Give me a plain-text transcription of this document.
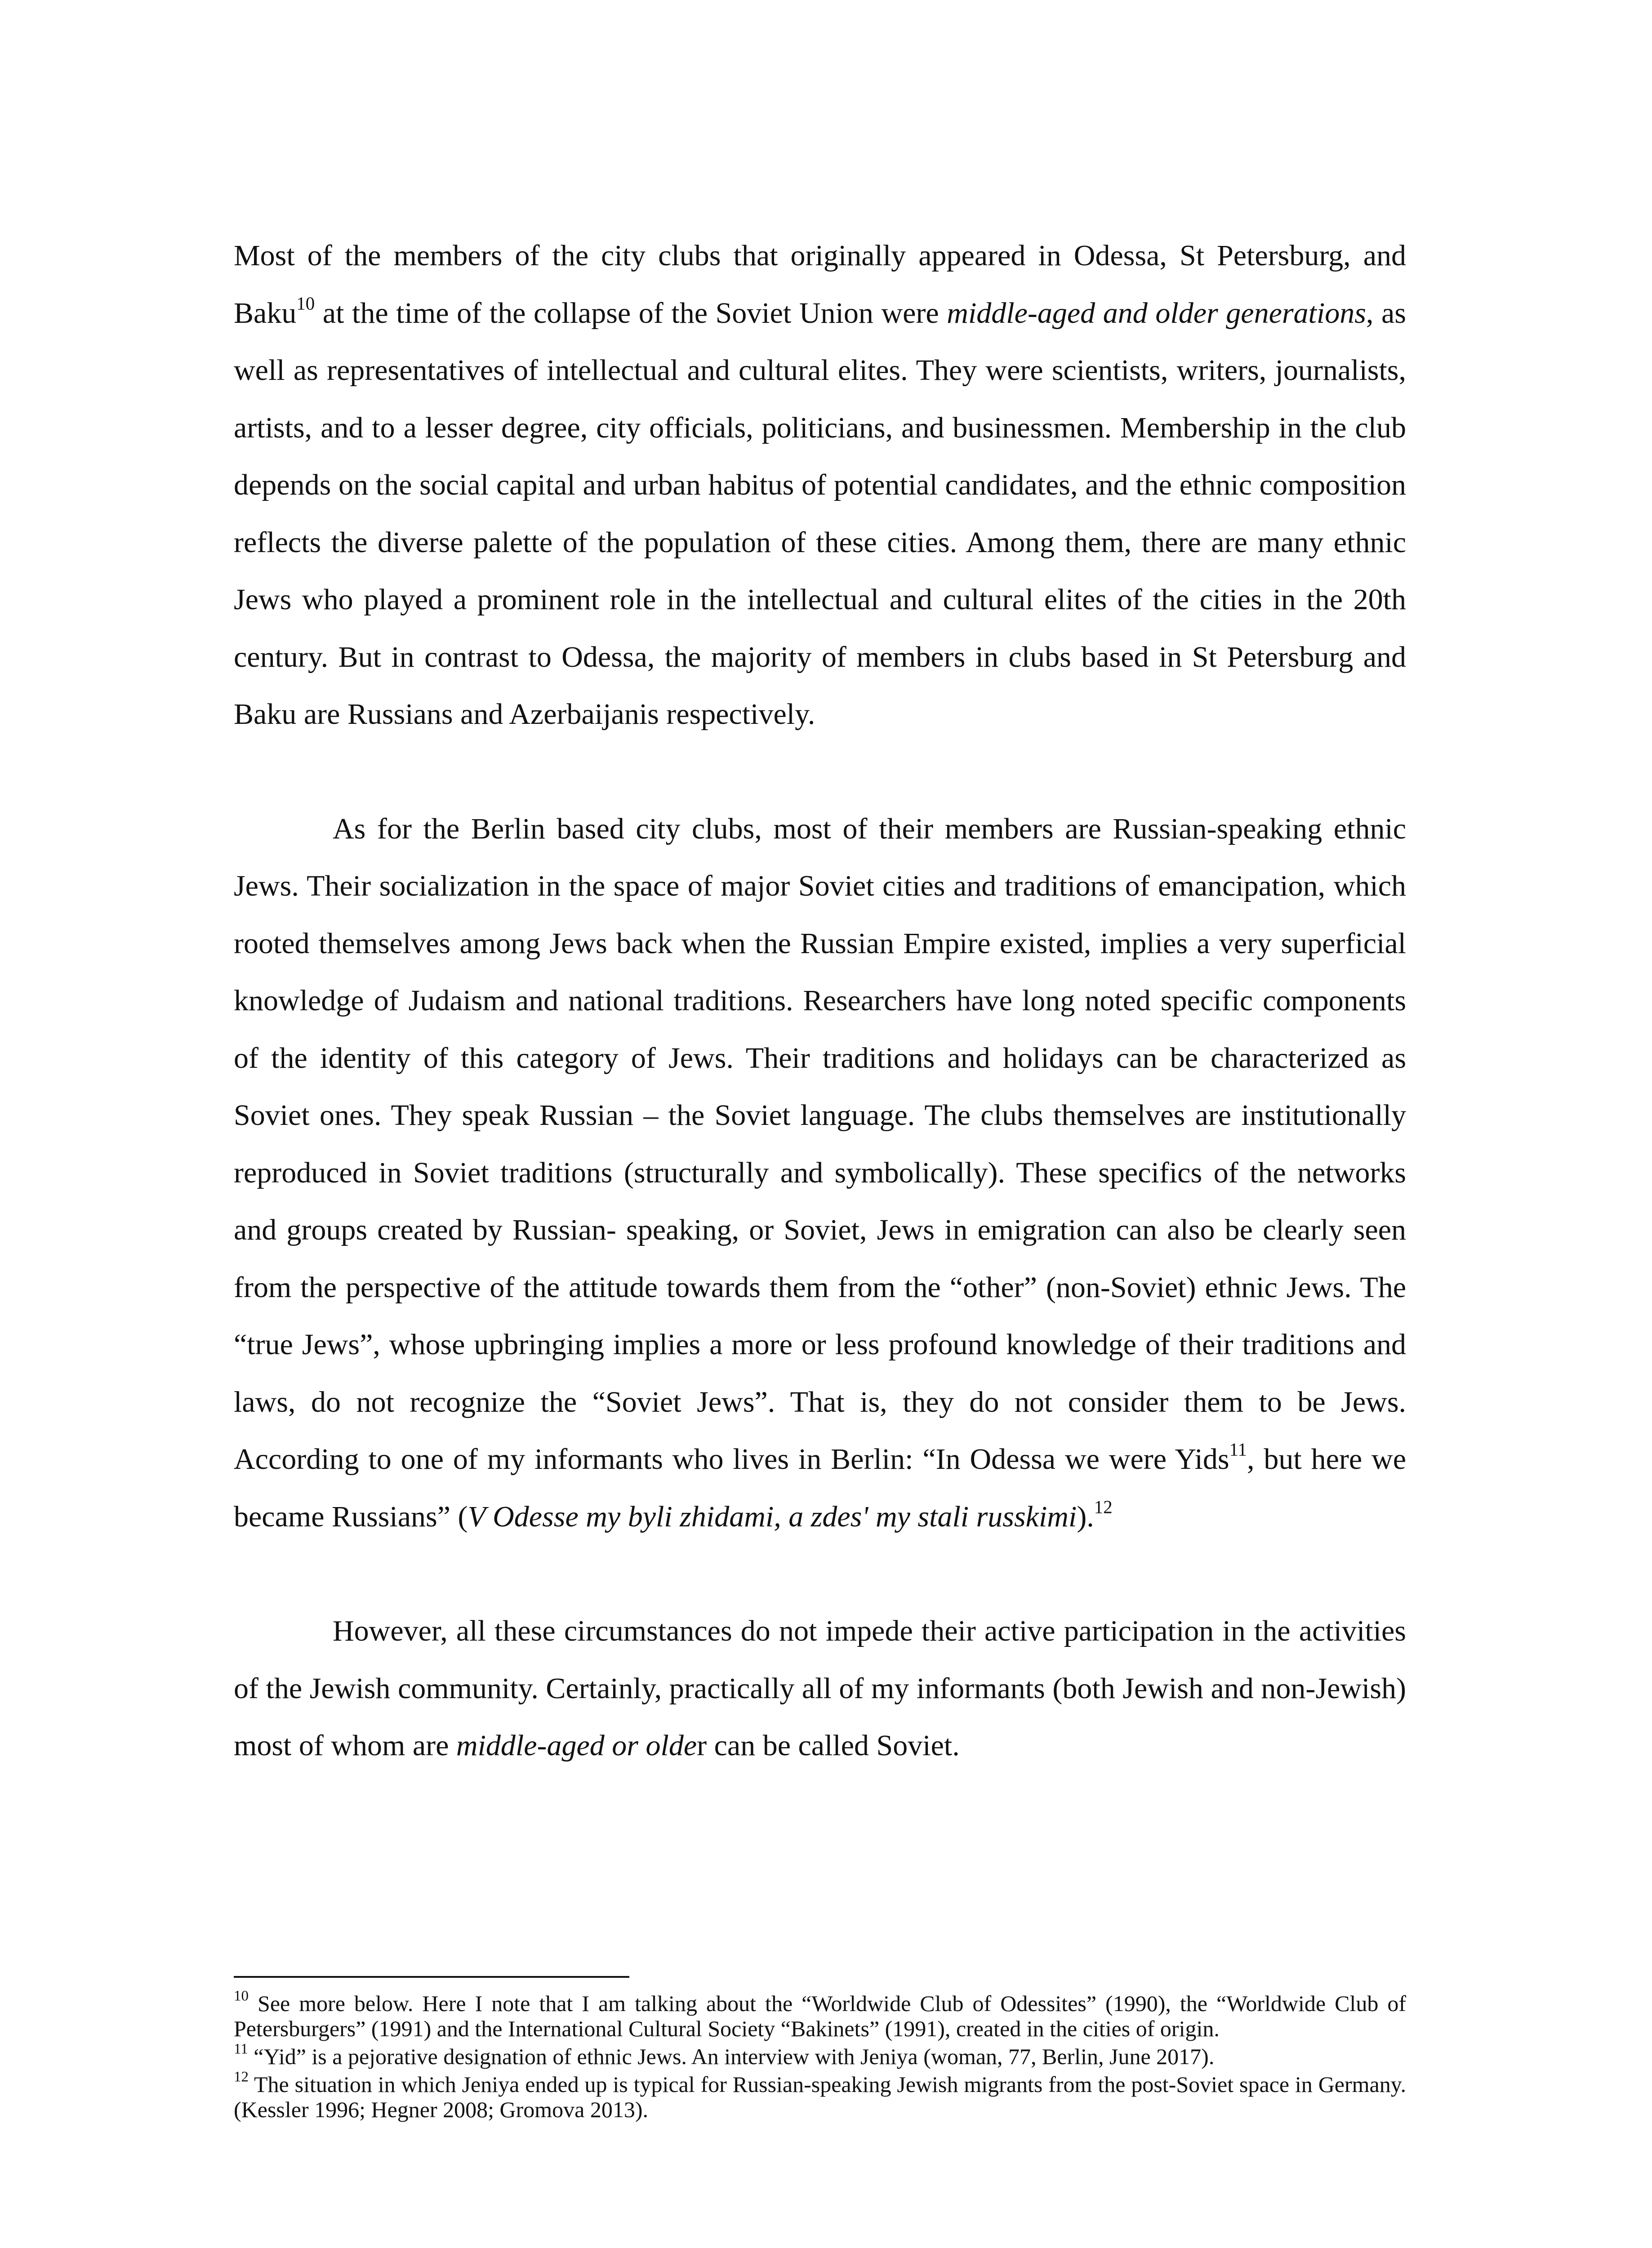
Most of the members of the city clubs that originally appeared in Odessa, St Petersburg, and Baku$^{10}$ at the time of the collapse of the Soviet Union were middle-aged and older generations, as well as representatives of intellectual and cultural elites. They were scientists, writers, journalists, artists, and to a lesser degree, city officials, politicians, and businessmen. Membership in the club depends on the social capital and urban habitus of potential candidates, and the ethnic composition reflects the diverse palette of the population of these cities. Among them, there are many ethnic Jews who played a prominent role in the intellectual and cultural elites of the cities in the 20th century. But in contrast to Odessa, the majority of members in clubs based in St Petersburg and Baku are Russians and Azerbaijanis respectively.

As for the Berlin based city clubs, most of their members are Russian-speaking ethnic Jews. Their socialization in the space of major Soviet cities and traditions of emancipation, which rooted themselves among Jews back when the Russian Empire existed, implies a very superficial knowledge of Judaism and national traditions. Researchers have long noted specific components of the identity of this category of Jews. Their traditions and holidays can be characterized as Soviet ones. They speak Russian – the Soviet language. The clubs themselves are institutionally reproduced in Soviet traditions (structurally and symbolically). These specifics of the networks and groups created by Russian- speaking, or Soviet, Jews in emigration can also be clearly seen from the perspective of the attitude towards them from the “other” (non-Soviet) ethnic Jews. The “true Jews”, whose upbringing implies a more or less profound knowledge of their traditions and laws, do not recognize the “Soviet Jews”. That is, they do not consider them to be Jews. According to one of my informants who lives in Berlin: “In Odessa we were Yids$^{11}$, but here we became Russians” (V Odesse my byli zhidami, a zdes' my stali russkimi).$^{12}$

However, all these circumstances do not impede their active participation in the activities of the Jewish community. Certainly, practically all of my informants (both Jewish and non-Jewish) most of whom are middle-aged or older can be called Soviet.

$^{10}$ See more below. Here I note that I am talking about the “Worldwide Club of Odessites” (1990), the “Worldwide Club of Petersburgers” (1991) and the International Cultural Society “Bakinets” (1991), created in the cities of origin.

$^{11}$ “Yid” is a pejorative designation of ethnic Jews. An interview with Jeniya (woman, 77, Berlin, June 2017).

$^{12}$ The situation in which Jeniya ended up is typical for Russian-speaking Jewish migrants from the post-Soviet space in Germany. (Kessler 1996; Hegner 2008; Gromova 2013).
